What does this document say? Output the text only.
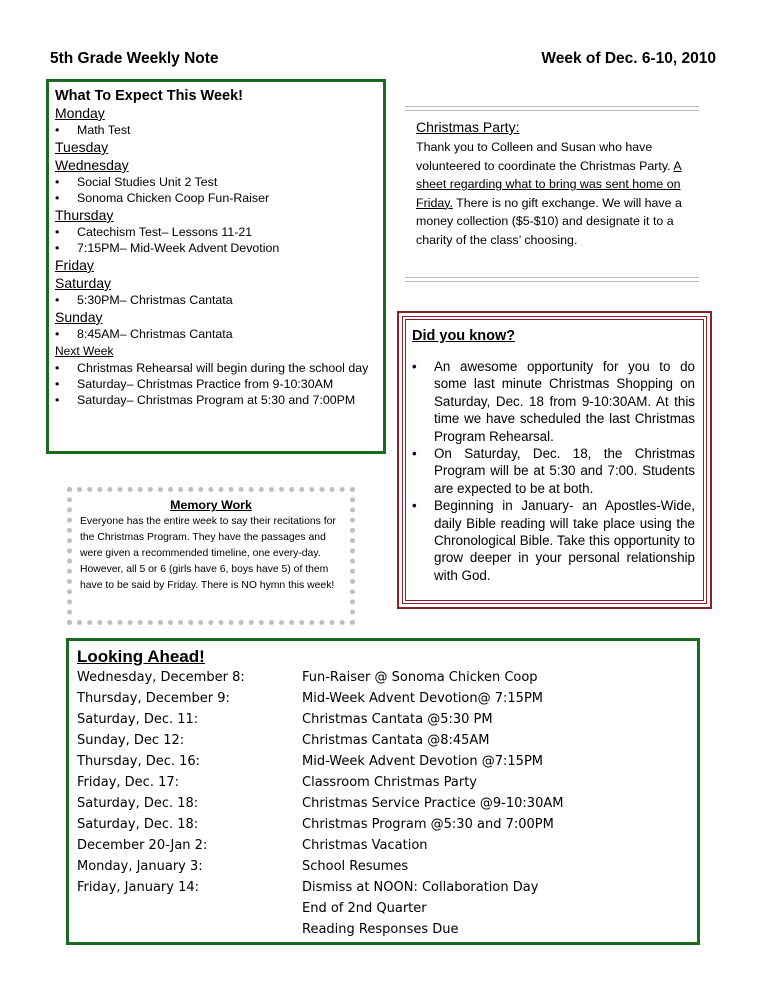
5th Grade Weekly Note	Week of Dec. 6-10, 2010
What To Expect This Week!
Monday
• Math Test
Tuesday
Wednesday
• Social Studies Unit 2 Test
• Sonoma Chicken Coop Fun-Raiser
Thursday
• Catechism Test– Lessons 11-21
• 7:15PM– Mid-Week Advent Devotion
Friday
Saturday
• 5:30PM– Christmas Cantata
Sunday
• 8:45AM– Christmas Cantata
Next Week
• Christmas Rehearsal will begin during the school day
• Saturday– Christmas Practice from 9-10:30AM
• Saturday– Christmas Program at 5:30 and 7:00PM
Christmas Party:
Thank you to Colleen and Susan who have volunteered to coordinate the Christmas Party. A sheet regarding what to bring was sent home on Friday. There is no gift exchange. We will have a money collection ($5-$10) and designate it to a charity of the class’ choosing.
Did you know?
• An awesome opportunity for you to do some last minute Christmas Shopping on Saturday, Dec. 18 from 9-10:30AM. At this time we have scheduled the last Christmas Program Rehearsal.
• On Saturday, Dec. 18, the Christmas Program will be at 5:30 and 7:00. Students are expected to be at both.
• Beginning in January- an Apostles-Wide, daily Bible reading will take place using the Chronological Bible. Take this opportunity to grow deeper in your personal relationship with God.
Memory Work
Everyone has the entire week to say their recitations for the Christmas Program. They have the passages and were given a recommended timeline, one every-day. However, all 5 or 6 (girls have 6, boys have 5) of them have to be said by Friday. There is NO hymn this week!
Looking Ahead!
Wednesday, December 8:	Fun-Raiser @ Sonoma Chicken Coop
Thursday, December 9:	Mid-Week Advent Devotion@ 7:15PM
Saturday, Dec. 11:	Christmas Cantata @5:30 PM
Sunday, Dec 12:	Christmas Cantata @8:45AM
Thursday, Dec. 16:	Mid-Week Advent Devotion @7:15PM
Friday, Dec. 17:	Classroom Christmas Party
Saturday, Dec. 18:	Christmas Service Practice @9-10:30AM
Saturday, Dec. 18:	Christmas Program @5:30 and 7:00PM
December 20-Jan 2:	Christmas Vacation
Monday, January 3:	School Resumes
Friday, January 14:	Dismiss at NOON: Collaboration Day
End of 2nd Quarter
Reading Responses Due
